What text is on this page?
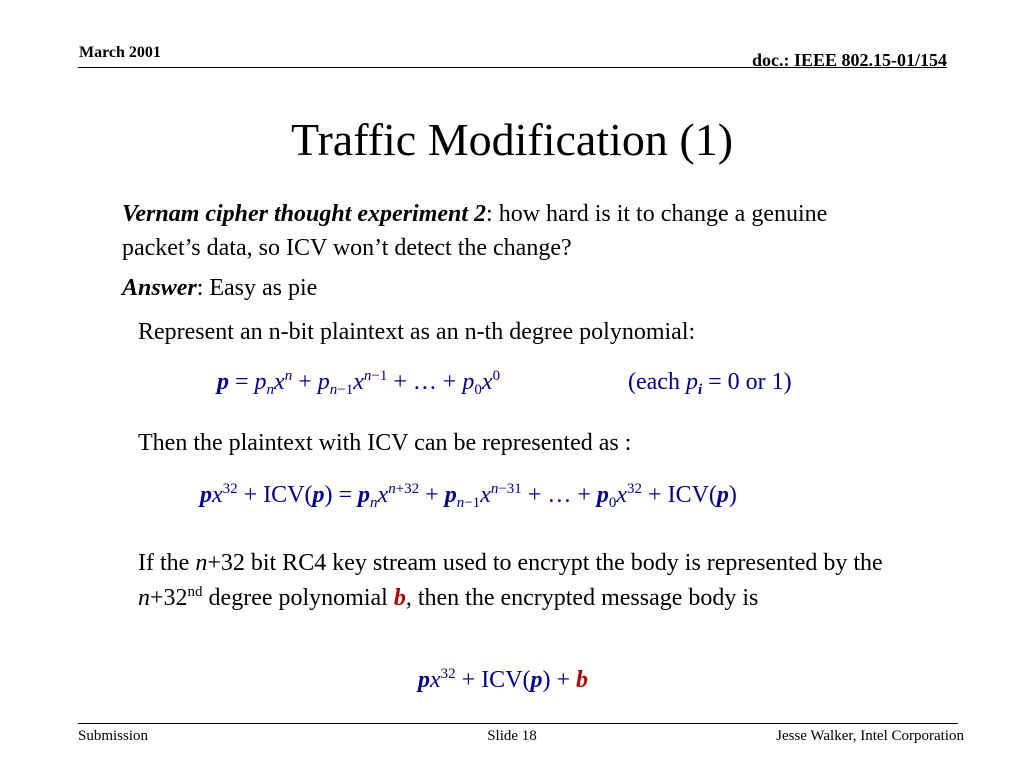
March 2001	doc.: IEEE 802.15-01/154
Traffic Modification (1)
Vernam cipher thought experiment 2: how hard is it to change a genuine packet’s data, so ICV won’t detect the change?
Answer: Easy as pie
Represent an n-bit plaintext as an n-th degree polynomial:
$p = p_nx^n + p_{n-1}x^{n-1}$ + … + $p_0x^0$	(each $p_i = 0$ or 1)
Then the plaintext with ICV can be represented as :
$px^{32} + ICV(p) = p_nx^{n+32} + p_{n-1}x^{n-31}$ + … + $p_0x^{32} + ICV(p)$
If the n+32 bit RC4 key stream used to encrypt the body is represented by the n+32nd degree polynomial b, then the encrypted message body is
$px^{32} + ICV(p) + b$
Submission	Slide 18	Jesse Walker, Intel Corporation
